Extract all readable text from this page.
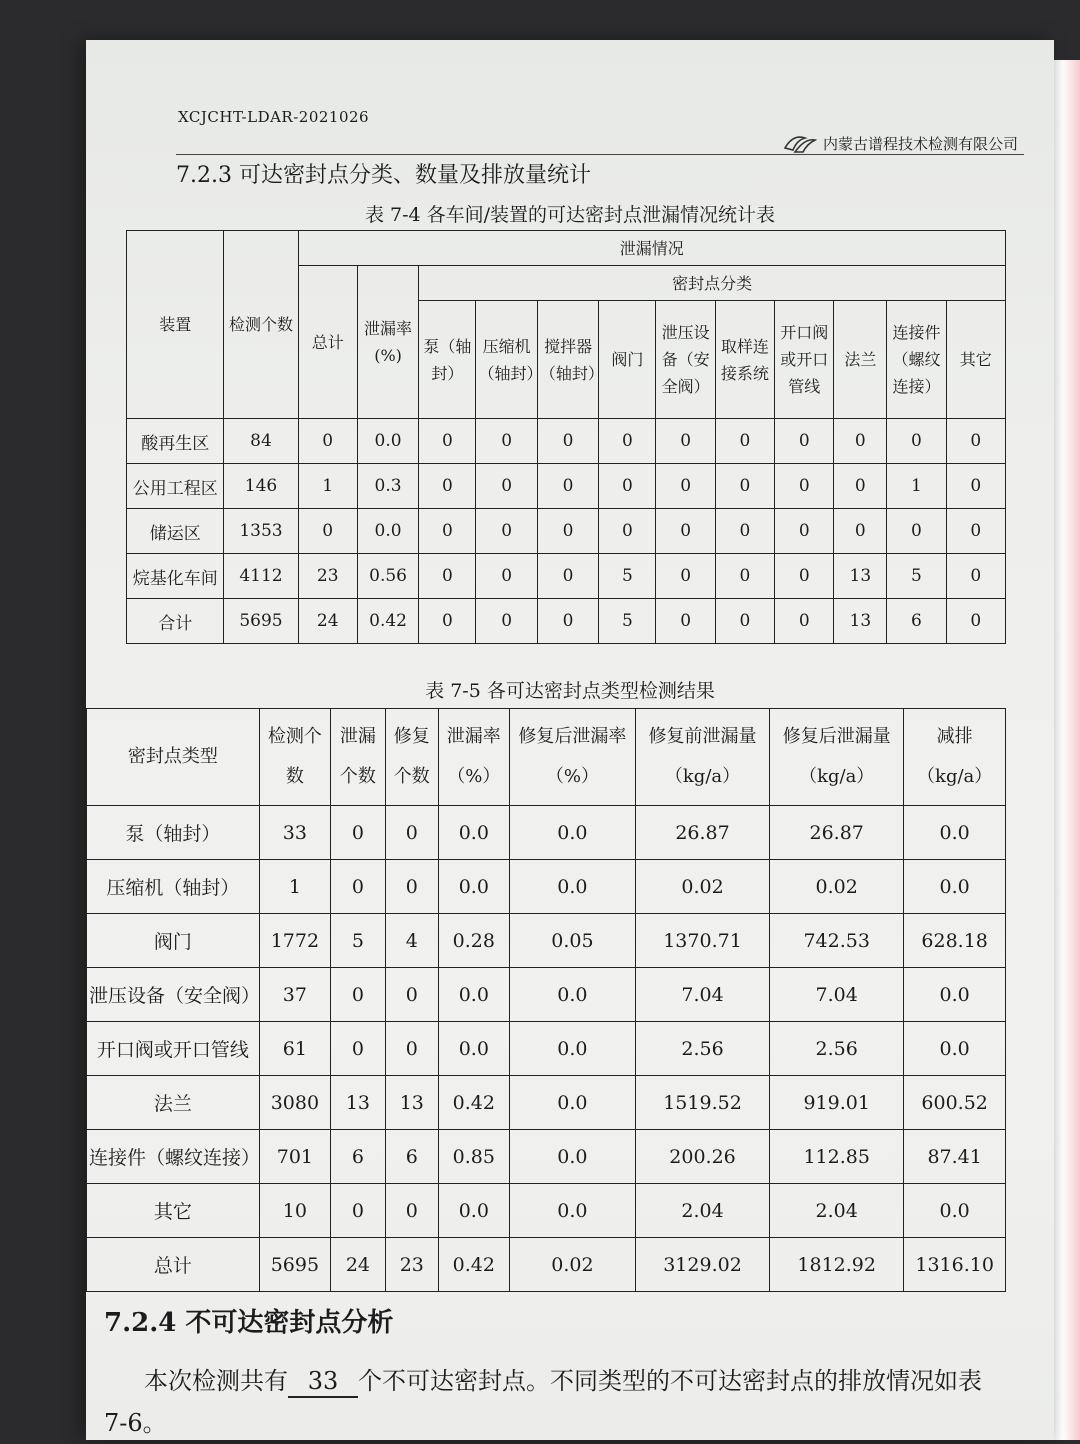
XCJCHT-LDAR-2021026
内蒙古谱程技术检测有限公司
7.2.3 可达密封点分类、数量及排放量统计
表 7-4 各车间/装置的可达密封点泄漏情况统计表
装置	检测个数	泄漏情况											
		总计	泄漏率(%)	密封点分类									
				泵（轴封）	压缩机（轴封）	搅拌器（轴封）	阀门	泄压设备（安全阀）	取样连接系统	开口阀或开口管线	法兰	连接件（螺纹连接）	其它
酸再生区	84	0	0.0	0	0	0	0	0	0	0	0	0	0
公用工程区	146	1	0.3	0	0	0	0	0	0	0	0	1	0
储运区	1353	0	0.0	0	0	0	0	0	0	0	0	0	0
烷基化车间	4112	23	0.56	0	0	0	5	0	0	0	13	5	0
合计	5695	24	0.42	0	0	0	5	0	0	0	13	6	0
表 7-5 各可达密封点类型检测结果
密封点类型	检测个数	泄漏个数	修复个数	泄漏率（%）	修复后泄漏率（%）	修复前泄漏量（kg/a）	修复后泄漏量（kg/a）	减排（kg/a）
泵（轴封）	33	0	0	0.0	0.0	26.87	26.87	0.0
压缩机（轴封）	1	0	0	0.0	0.0	0.02	0.02	0.0
阀门	1772	5	4	0.28	0.05	1370.71	742.53	628.18
泄压设备（安全阀）	37	0	0	0.0	0.0	7.04	7.04	0.0
开口阀或开口管线	61	0	0	0.0	0.0	2.56	2.56	0.0
法兰	3080	13	13	0.42	0.0	1519.52	919.01	600.52
连接件（螺纹连接）	701	6	6	0.85	0.0	200.26	112.85	87.41
其它	10	0	0	0.0	0.0	2.04	2.04	0.0
总计	5695	24	23	0.42	0.02	3129.02	1812.92	1316.10
7.2.4 不可达密封点分析
本次检测共有 33 个不可达密封点。不同类型的不可达密封点的排放情况如表 7-6。
